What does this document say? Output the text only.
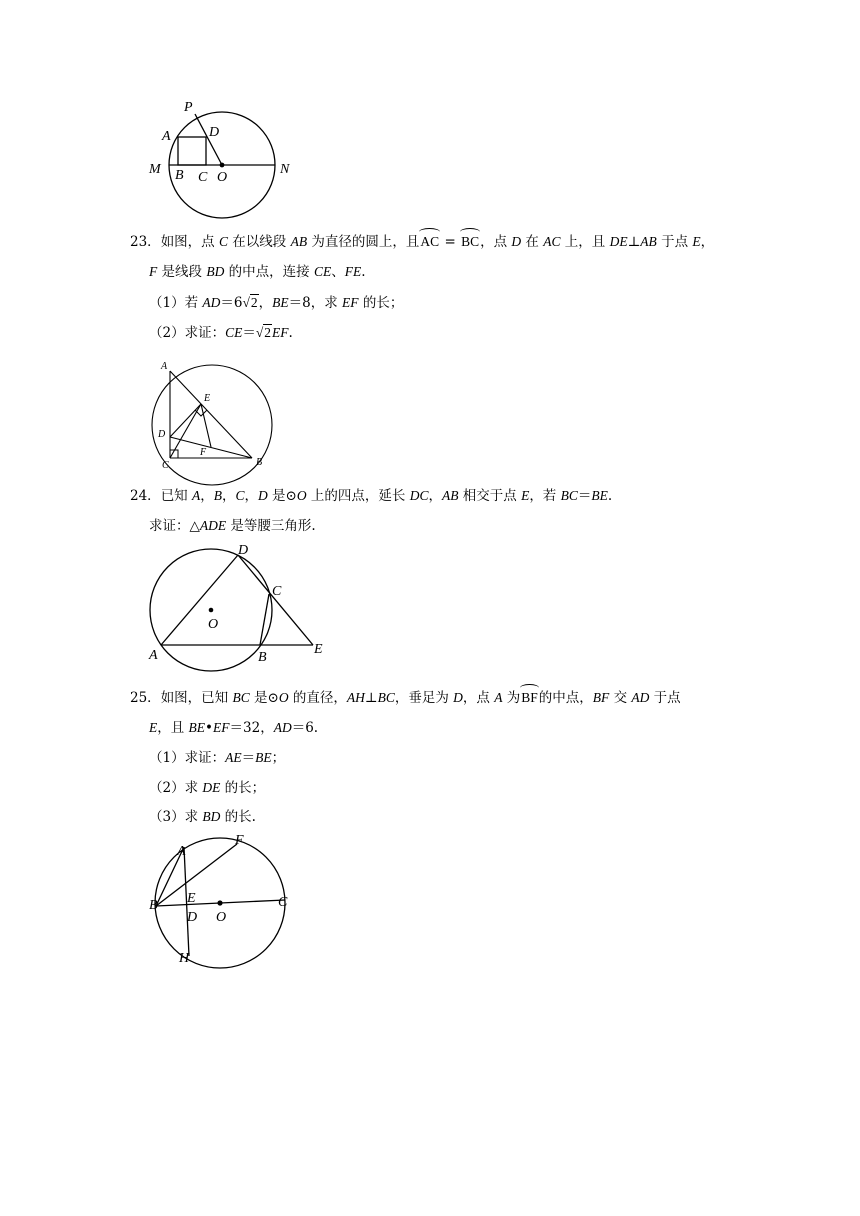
P
A	D
M B C O
N
23．如图，点 C 在以线段 AB 为直径的圆上，且AC = BC，点 D 在 AC 上，且 DE⊥AB 于点 E，
F 是线段 BD 的中点，连接 CE、FE.
（1）若 AD＝6√2，BE＝8，求 EF 的长；
（2）求证：CE＝√2EF.
A
E
D
C
F
B
24．已知 A，B，C，D 是⊙O 上的四点，延长 DC，AB 相交于点 E，若 BC＝BE.
求证：△ADE 是等腰三角形.
D
C
O
A	B
E
25．如图，已知 BC 是⊙O 的直径，AH⊥BC，垂足为 D，点 A 为BF的中点，BF 交 AD 于点
E，且 BE•EF＝32，AD＝6.
（1）求证：AE＝BE；
（2）求 DE 的长；
（3）求 BD 的长.
A
F
B E
D O
C
H
